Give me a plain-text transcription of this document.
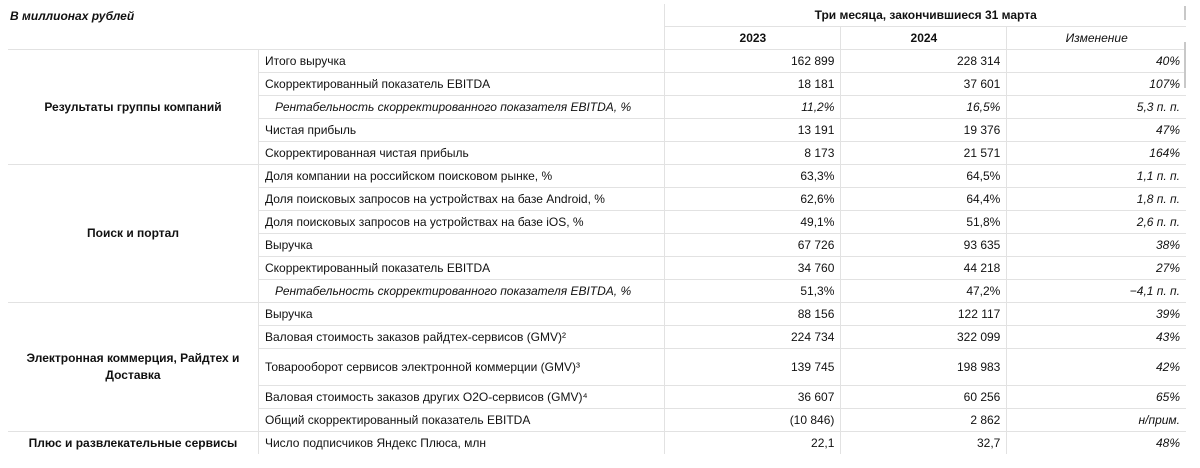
		Три месяца, закончившиеся 31 марта		
		2023	2024	Изменение
Результаты группы компаний	Итого выручка	162 899	228 314	40%
	Скорректированный показатель EBITDA	18 181	37 601	107%
	Рентабельность скорректированного показателя EBITDA, %	11,2%	16,5%	5,3 п. п.
	Чистая прибыль	13 191	19 376	47%
	Скорректированная чистая прибыль	8 173	21 571	164%
Поиск и портал	Доля компании на российском поисковом рынке, %	63,3%	64,5%	1,1 п. п.
	Доля поисковых запросов на устройствах на базе Android, %	62,6%	64,4%	1,8 п. п.
	Доля поисковых запросов на устройствах на базе iOS, %	49,1%	51,8%	2,6 п. п.
	Выручка	67 726	93 635	38%
	Скорректированный показатель EBITDA	34 760	44 218	27%
	Рентабельность скорректированного показателя EBITDA, %	51,3%	47,2%	−4,1 п. п.
Электронная коммерция, Райдтех и Доставка	Выручка	88 156	122 117	39%
	Валовая стоимость заказов райдтех-сервисов (GMV)²	224 734	322 099	43%
	Товарооборот сервисов электронной коммерции (GMV)³	139 745	198 983	42%
	Валовая стоимость заказов других O2O-сервисов (GMV)⁴	36 607	60 256	65%
	Общий скорректированный показатель EBITDA	(10 846)	2 862	н/прим.
Плюс и развлекательные сервисы	Число подписчиков Яндекс Плюса, млн	22,1	32,7	48%
В миллионах рублей
